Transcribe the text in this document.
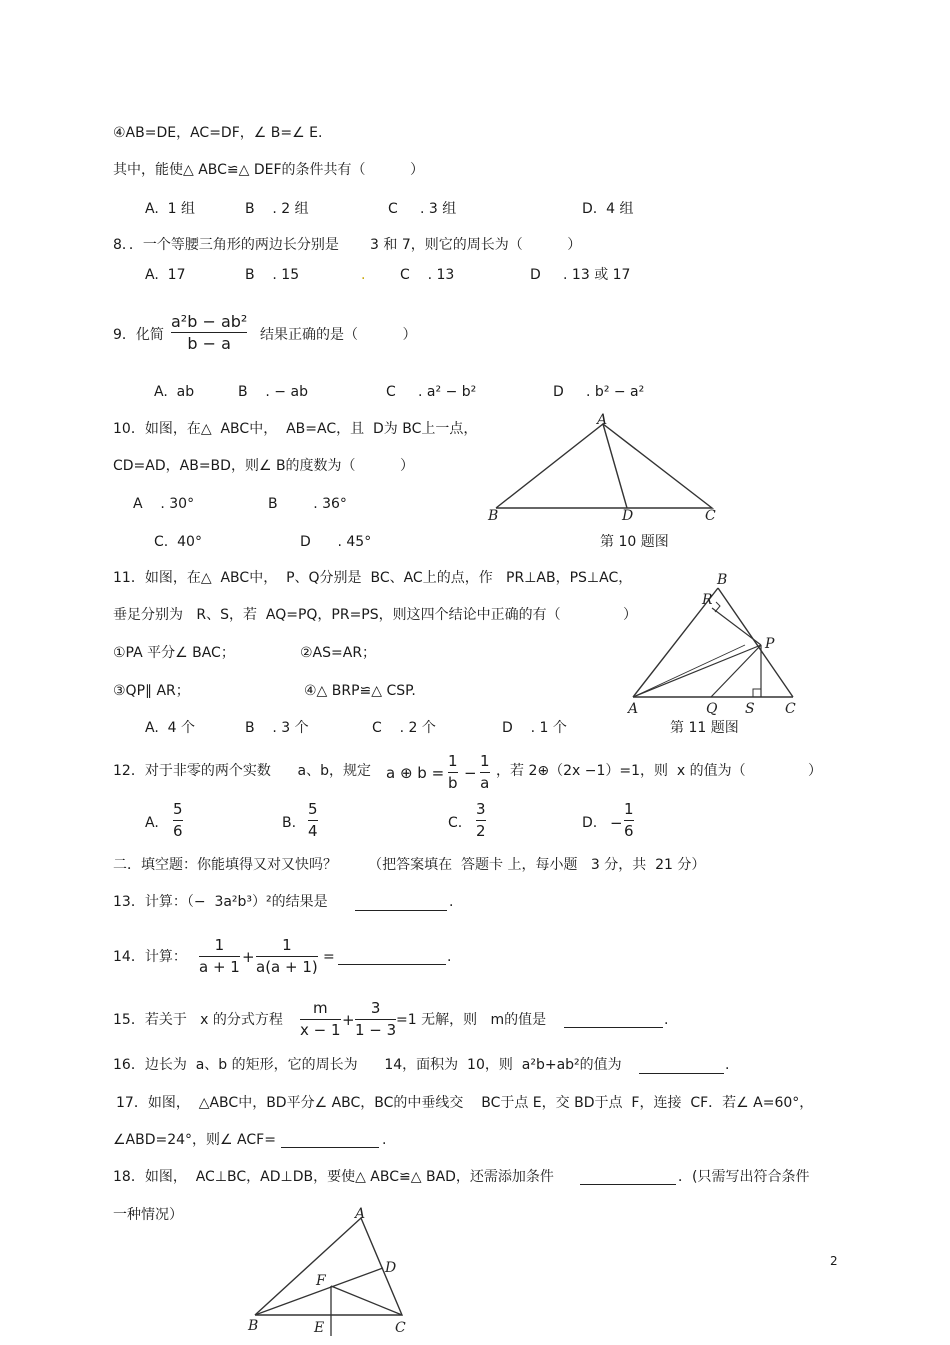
④AB=DE，AC=DF，∠ B=∠ E.
其中，能使△ ABC≌△ DEF的条件共有（          ）
A.  1 组	B    . 2 组	C     . 3 组	D.  4 组
8．．一个等腰三角形的两边长分别是       3 和 7，则它的周长为（          ）
A.  17	B    . 15	. C    . 13	D     . 13 或 17
9．化简
a²b − ab²
b − a 结果正确的是（          ）
A.  ab	B    . − ab	C     . a² − b²	D     . b² − a²
10．如图，在△  ABC中，  AB=AC，且  D为 BC上一点，
CD=AD，AB=BD，则∠ B的度数为（          ）
A    . 30°	B        . 36°
C.  40°	D      . 45°	第 10 题图
A
B	D	C
11．如图，在△  ABC中，  P、Q分别是  BC、AC上的点，作   PR⊥AB，PS⊥AC，
垂足分别为   R、S，若  AQ=PQ，PR=PS，则这四个结论中正确的有（              ）
①PA 平分∠ BAC；	②AS=AR；
③QP∥ AR；	④△ BRP≌△ CSP.
A.  4 个	B    . 3 个	C    . 2 个	D    . 1 个	第 11 题图
B
R
P
A	Q S C
12．对于非零的两个实数      a、b，规定 a ⊕ b =
1
b
−
1
a
，若 2⊕（2x −1）=1，则  x 的值为（              ）
A.
5
6	B.
5
4	C.
3
2	D. −
1
6
二．填空题：你能填得又对又快吗？       （把答案填在  答题卡 上，每小题   3 分，共  21 分）
13．计算：（−  3a²b³）²的结果是	.
14．计算：
1
a + 1
+
1
a(a + 1)
=	.
15．若关于   x 的分式方程
m
x − 1
+
3
1 − 3
=1 无解，则   m的值是	.
16．边长为  a、b 的矩形，它的周长为      14，面积为  10，则  a²b+ab²的值为	.
17．如图，  △ABC中，BD平分∠ ABC，BC的中垂线交    BC于点 E，交 BD于点  F，连接  CF．若∠ A=60°，
∠ABD=24°，则∠ ACF=	.
18．如图，  AC⊥BC，AD⊥DB，要使△ ABC≌△ BAD，还需添加条件	．(只需写出符合条件
一种情况）	A
D
F
B	E	C
2
